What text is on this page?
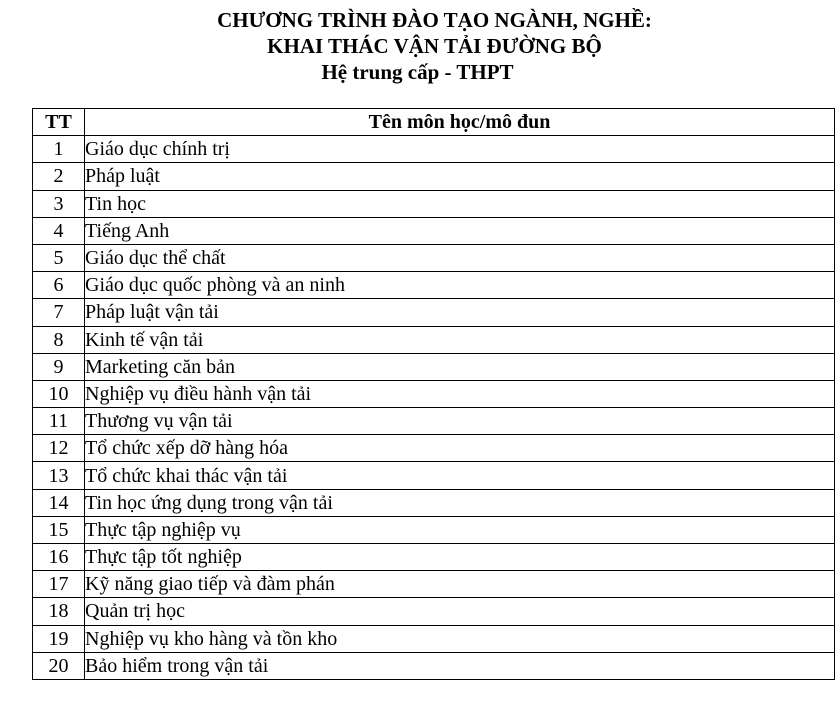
CHƯƠNG TRÌNH ĐÀO TẠO NGÀNH, NGHỀ:
KHAI THÁC VẬN TẢI ĐƯỜNG BỘ
Hệ trung cấp - THPT
TT	Tên môn học/mô đun
1	Giáo dục chính trị
2	Pháp luật
3	Tin học
4	Tiếng Anh
5	Giáo dục thể chất
6	Giáo dục quốc phòng và an ninh
7	Pháp luật vận tải
8	Kinh tế vận tải
9	Marketing căn bản
10	Nghiệp vụ điều hành vận tải
11	Thương vụ vận tải
12	Tổ chức xếp dỡ hàng hóa
13	Tổ chức khai thác vận tải
14	Tin học ứng dụng trong vận tải
15	Thực tập nghiệp vụ
16	Thực tập tốt nghiệp
17	Kỹ năng giao tiếp và đàm phán
18	Quản trị học
19	Nghiệp vụ kho hàng và tồn kho
20	Bảo hiểm trong vận tải
